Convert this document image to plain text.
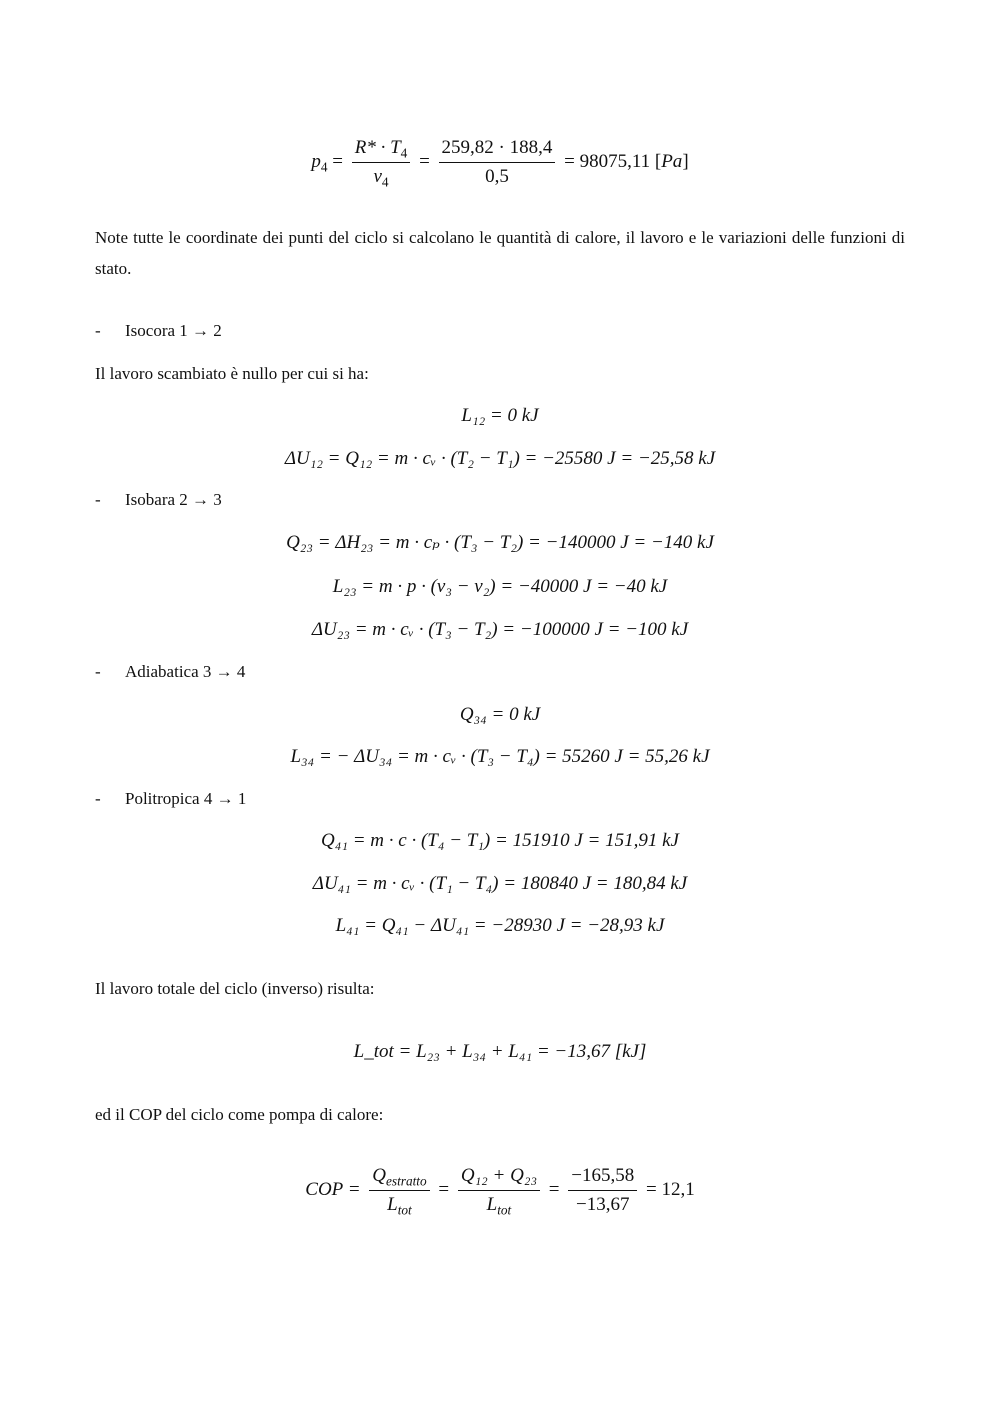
$p_4 = \frac{R* \cdot T_4}{v_4} = \frac{259,82 \cdot 188,4}{0,5} = 98075,11$ [Pa]
Note tutte le coordinate dei punti del ciclo si calcolano le quantità di calore, il lavoro e le variazioni delle funzioni di stato.
- Isocora 1 → 2
Il lavoro scambiato è nullo per cui si ha:
L₁₂ = 0 kJ
ΔU₁₂ = Q₁₂ = m · cᵥ · (T₂ − T₁) = −25580 J = −25,58 kJ
- Isobara 2 → 3
Q₂₃ = ΔH₂₃ = m · cₚ · (T₃ − T₂) = −140000 J = −140 kJ
L₂₃ = m · p · (v₃ − v₂) = −40000 J = −40 kJ
ΔU₂₃ = m · cᵥ · (T₃ − T₂) = −100000 J = −100 kJ
- Adiabatica 3 → 4
Q₃₄ = 0 kJ
L₃₄ = − ΔU₃₄ = m · cᵥ · (T₃ − T₄) = 55260 J = 55,26 kJ
- Politropica 4 → 1
Q₄₁ = m · c · (T₄ − T₁) = 151910 J = 151,91 kJ
ΔU₄₁ = m · cᵥ · (T₁ − T₄) = 180840 J = 180,84 kJ
L₄₁ = Q₄₁ − ΔU₄₁ = −28930 J = −28,93 kJ
Il lavoro totale del ciclo (inverso) risulta:
L_tot = L₂₃ + L₃₄ + L₄₁ = −13,67 [kJ]
ed il COP del ciclo come pompa di calore:
COP = $\frac{Q_{estratto}}{L_{tot}} = \frac{\text{Q₁₂ + Q₂₃}}{L_{tot}} = \frac{-165,58}{-13,67} = 12,1$
